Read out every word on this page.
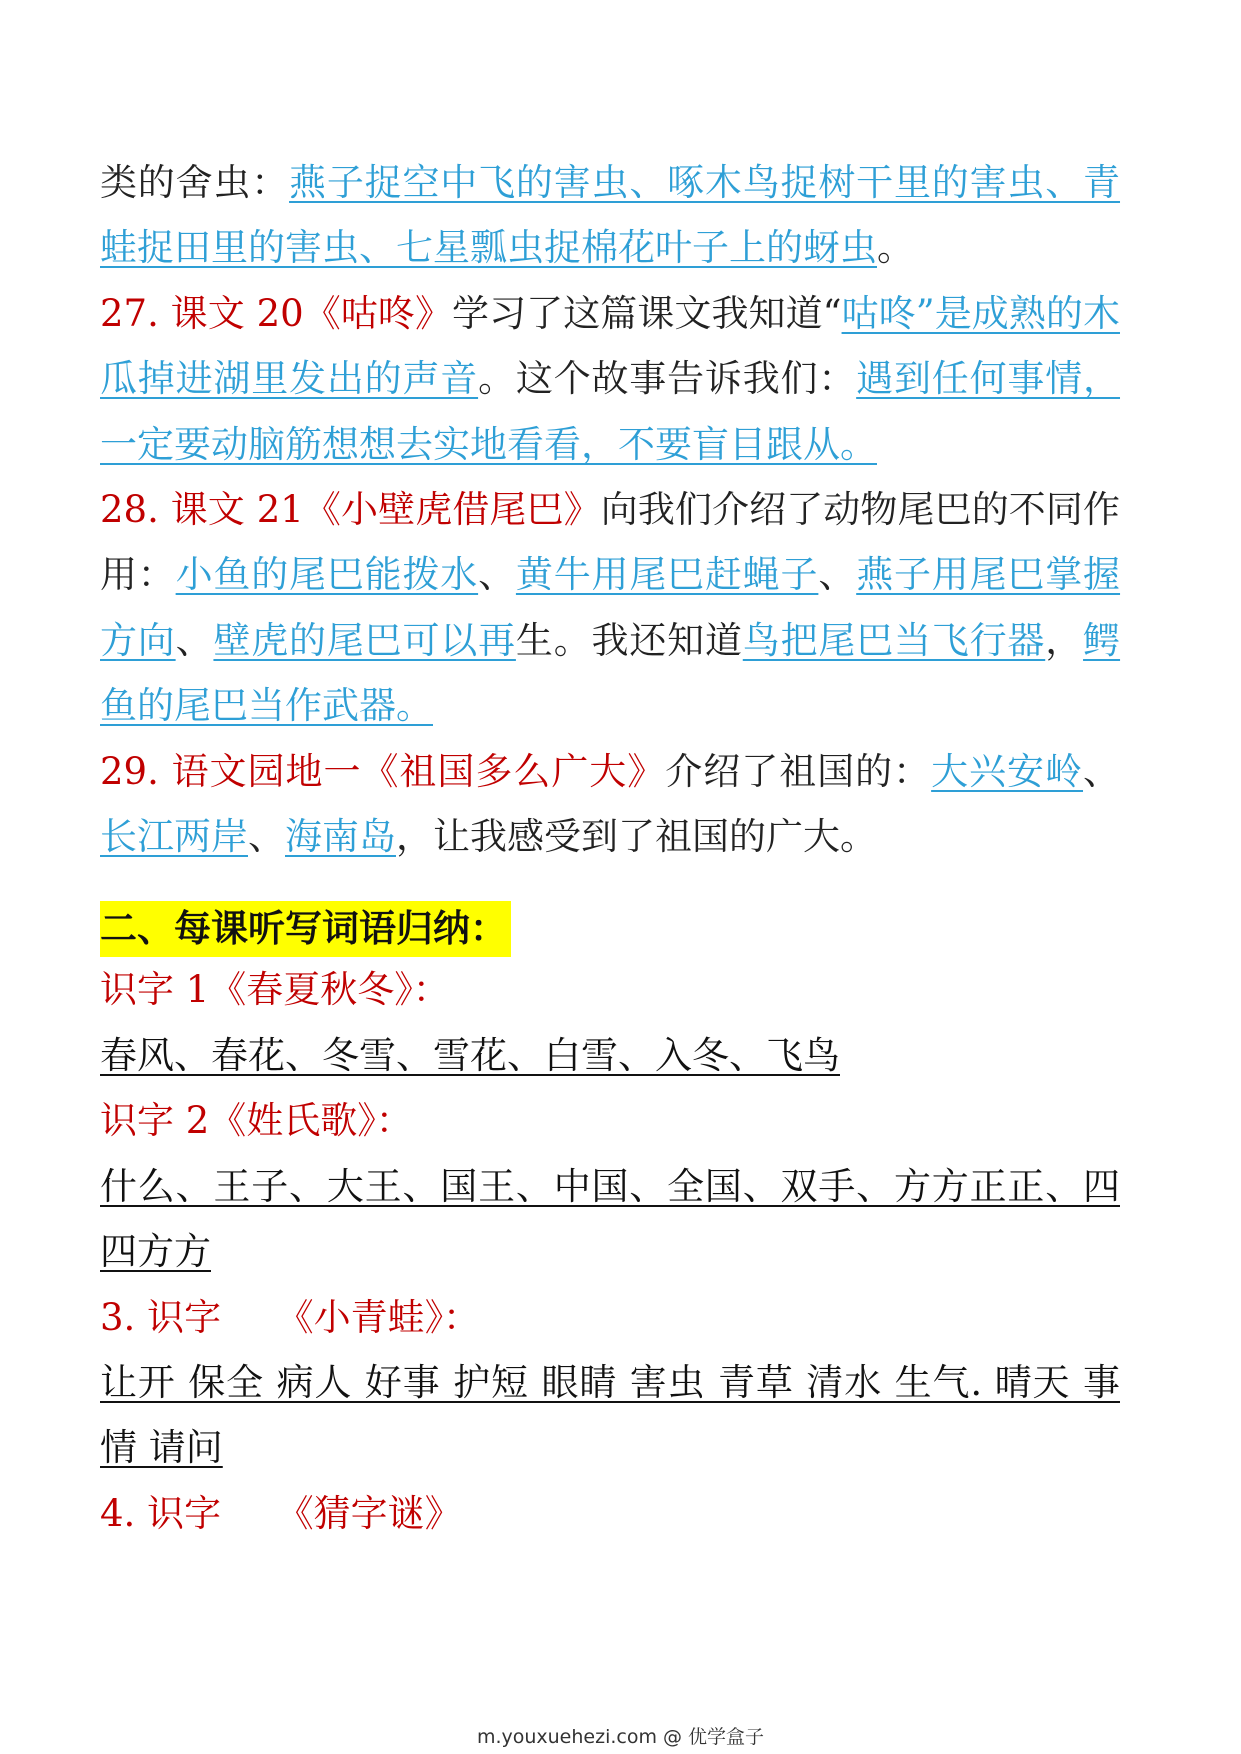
类的舍虫：燕子捉空中飞的害虫、啄木鸟捉树干里的害虫、青蛙捉田里的害虫、七星瓢虫捉棉花叶子上的蚜虫。

27. 课文 20《咕咚》学习了这篇课文我知道“咕咚”是成熟的木瓜掉进湖里发出的声音。这个故事告诉我们：遇到任何事情，一定要动脑筋想想去实地看看，不要盲目跟从。

28. 课文 21《小壁虎借尾巴》向我们介绍了动物尾巴的不同作用：小鱼的尾巴能拨水、黄牛用尾巴赶蝇子、燕子用尾巴掌握方向、壁虎的尾巴可以再生。我还知道鸟把尾巴当飞行器，鳄鱼的尾巴当作武器。

29. 语文园地一《祖国多么广大》介绍了祖国的：大兴安岭、长江两岸、海南岛，让我感受到了祖国的广大。

二、每课听写词语归纳：

识字 1《春夏秋冬》：

春风、春花、冬雪、雪花、白雪、入冬、飞鸟

识字 2《姓氏歌》：

什么、王子、大王、国王、中国、全国、双手、方方正正、四四方方

3. 识字　　《小青蛙》：

让开 保全 病人 好事 护短 眼睛 害虫 青草 清水 生气. 晴天 事情 请问

4. 识字　　《猜字谜》

m.youxuehezi.com @ 优学盒子
